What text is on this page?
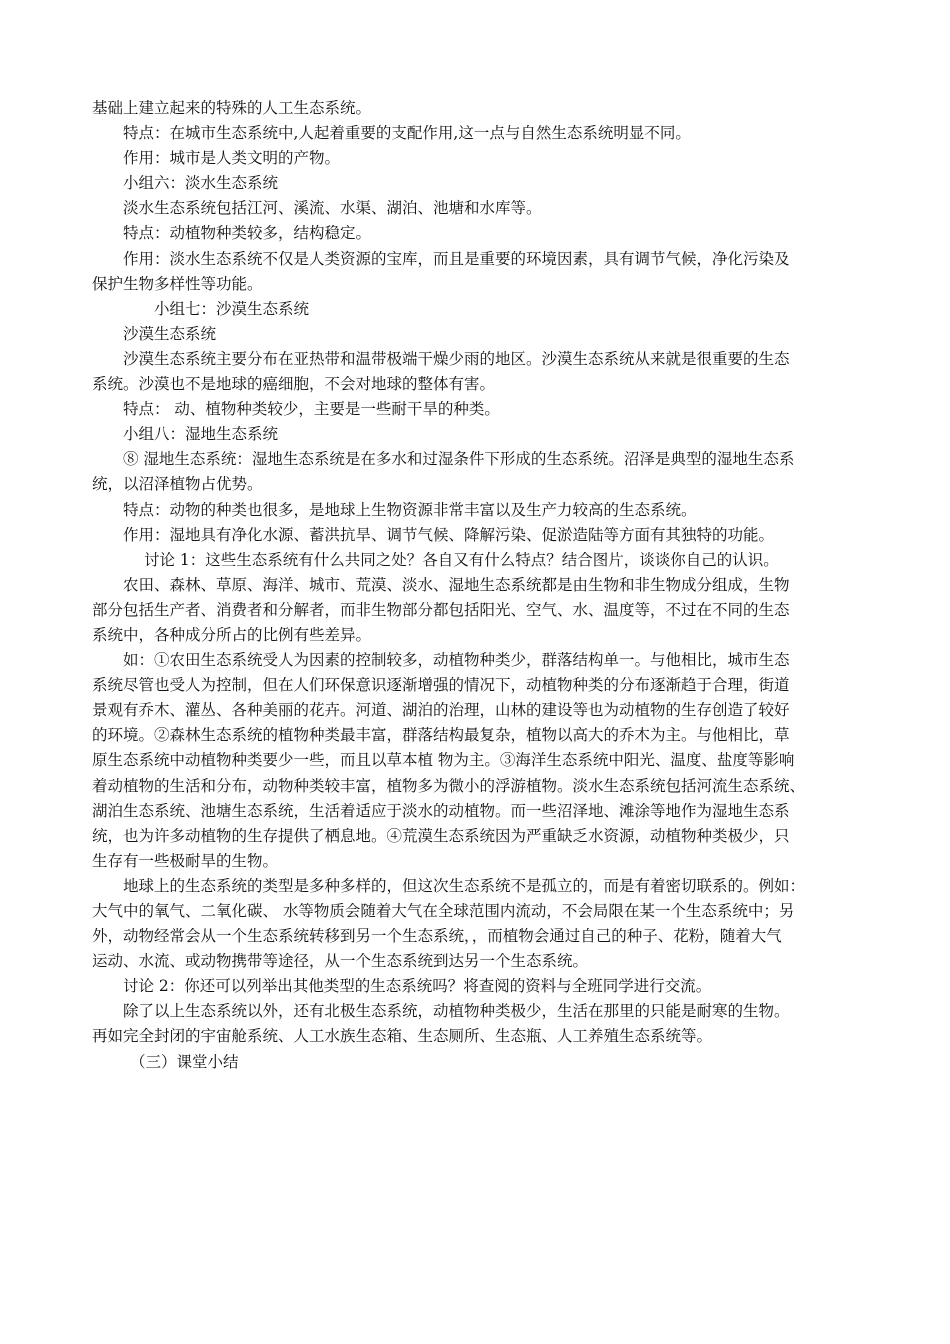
基础上建立起来的特殊的人工生态系统。
特点：在城市生态系统中,人起着重要的支配作用,这一点与自然生态系统明显不同。
作用：城市是人类文明的产物。
小组六：淡水生态系统
淡水生态系统包括江河、溪流、水渠、湖泊、池塘和水库等。
特点：动植物种类较多，结构稳定。
作用：淡水生态系统不仅是人类资源的宝库，而且是重要的环境因素，具有调节气候，净化污染及
保护生物多样性等功能。
小组七：沙漠生态系统
沙漠生态系统
沙漠生态系统主要分布在亚热带和温带极端干燥少雨的地区。沙漠生态系统从来就是很重要的生态
系统。沙漠也不是地球的癌细胞，不会对地球的整体有害。
特点： 动、植物种类较少，主要是一些耐干旱的种类。
小组八：湿地生态系统
⑧ 湿地生态系统：湿地生态系统是在多水和过湿条件下形成的生态系统。沼泽是典型的湿地生态系
统，以沼泽植物占优势。
特点：动物的种类也很多，是地球上生物资源非常丰富以及生产力较高的生态系统。
作用：湿地具有净化水源、蓄洪抗旱、调节气候、降解污染、促淤造陆等方面有其独特的功能。
讨论 1：这些生态系统有什么共同之处？各自又有什么特点？结合图片，谈谈你自己的认识。
农田、森林、草原、海洋、城市、荒漠、淡水、湿地生态系统都是由生物和非生物成分组成，生物
部分包括生产者、消费者和分解者，而非生物部分都包括阳光、空气、水、温度等，不过在不同的生态
系统中，各种成分所占的比例有些差异。
如：①农田生态系统受人为因素的控制较多，动植物种类少，群落结构单一。与他相比，城市生态
系统尽管也受人为控制，但在人们环保意识逐渐增强的情况下，动植物种类的分布逐渐趋于合理，街道
景观有乔木、灌丛、各种美丽的花卉。河道、湖泊的治理，山林的建设等也为动植物的生存创造了较好
的环境。②森林生态系统的植物种类最丰富，群落结构最复杂，植物以高大的乔木为主。与他相比，草
原生态系统中动植物种类要少一些，而且以草本植 物为主。③海洋生态系统中阳光、温度、盐度等影响
着动植物的生活和分布，动物种类较丰富，植物多为微小的浮游植物。淡水生态系统包括河流生态系统、
湖泊生态系统、池塘生态系统，生活着适应于淡水的动植物。而一些沼泽地、滩涂等地作为湿地生态系
统，也为许多动植物的生存提供了栖息地。④荒漠生态系统因为严重缺乏水资源，动植物种类极少，只
生存有一些极耐旱的生物。
地球上的生态系统的类型是多种多样的，但这次生态系统不是孤立的，而是有着密切联系的。例如：
大气中的氧气、二氧化碳、 水等物质会随着大气在全球范围内流动，不会局限在某一个生态系统中；另
外，动物经常会从一个生态系统转移到另一个生态系统，，而植物会通过自己的种子、花粉，随着大气
运动、水流、或动物携带等途径，从一个生态系统到达另一个生态系统。
讨论 2：你还可以列举出其他类型的生态系统吗？将查阅的资料与全班同学进行交流。
除了以上生态系统以外，还有北极生态系统，动植物种类极少，生活在那里的只能是耐寒的生物。
再如完全封闭的宇宙舱系统、人工水族生态箱、生态厕所、生态瓶、人工养殖生态系统等。
（三）课堂小结
